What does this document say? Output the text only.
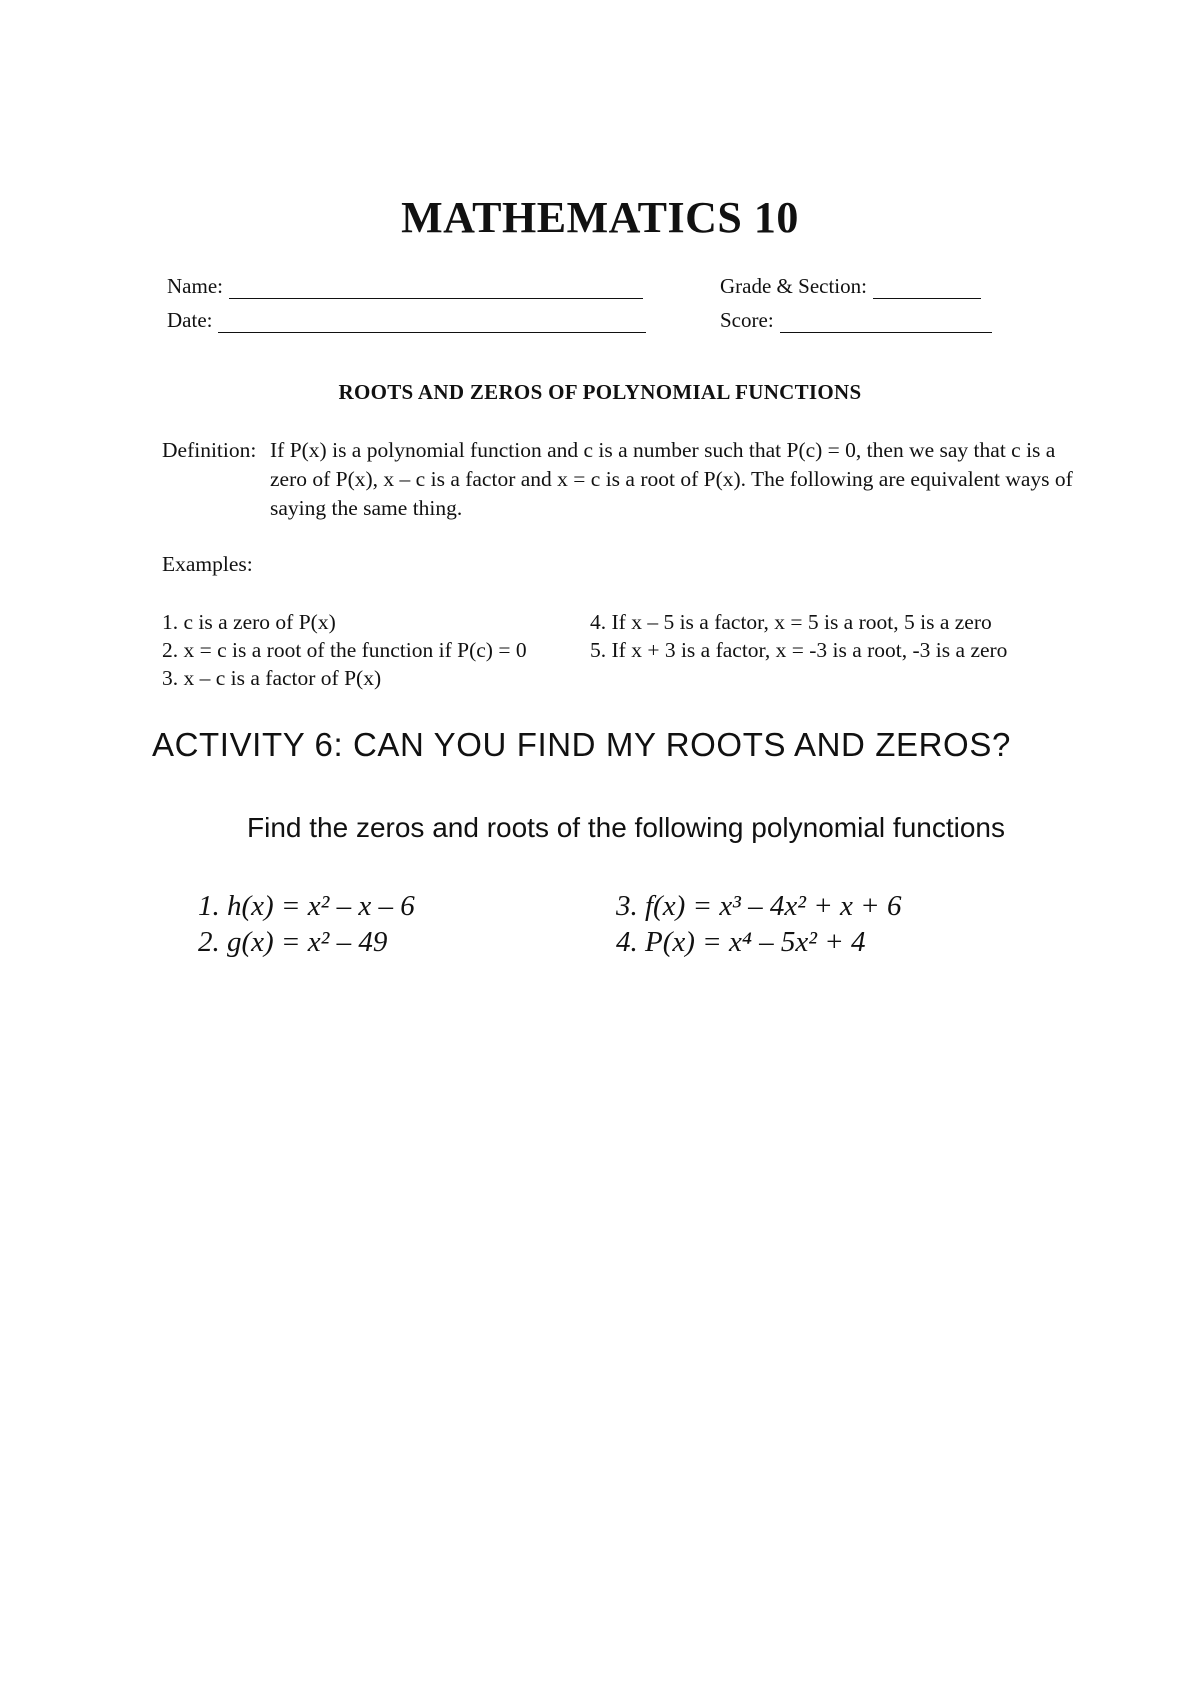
MATHEMATICS 10
Name:
Date:
Grade & Section:
Score:
ROOTS AND ZEROS OF POLYNOMIAL FUNCTIONS
Definition: If P(x) is a polynomial function and c is a number such that P(c) = 0, then we say that c is a zero of P(x), x – c is a factor and x = c is a root of P(x). The following are equivalent ways of saying the same thing.
Examples:
1. c is a zero of P(x)
2. x = c is a root of the function if P(c) = 0
3. x – c is a factor of P(x)
4. If x – 5 is a factor, x = 5 is a root, 5 is a zero
5. If x + 3 is a factor, x = -3 is a root, -3 is a zero
ACTIVITY 6: CAN YOU FIND MY ROOTS AND ZEROS?
Find the zeros and roots of the following polynomial functions
1. h(x) = x² – x – 6
2. g(x) = x² – 49
3. f(x) = x³ – 4x² + x + 6
4. P(x) = x⁴ – 5x² + 4
